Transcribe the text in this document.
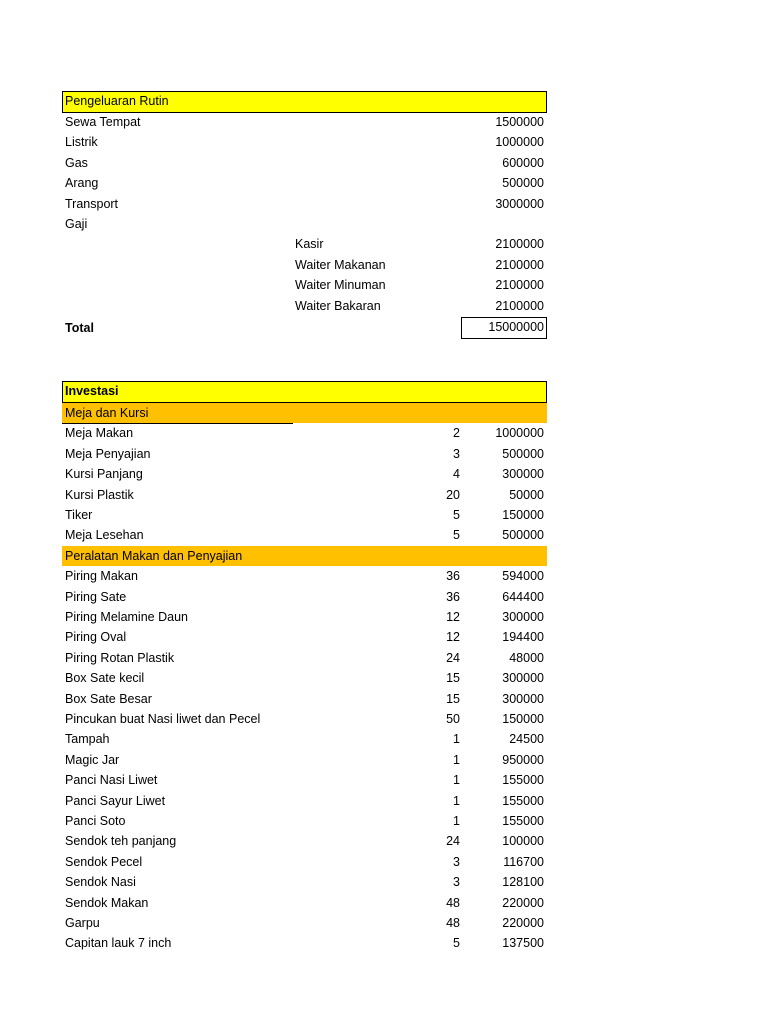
Pengeluaran Rutin
Sewa Tempat	1500000
Listrik	1000000
Gas	600000
Arang	500000
Transport	3000000
Gaji
Kasir	2100000
Waiter Makanan	2100000
Waiter Minuman	2100000
Waiter Bakaran	2100000
Total	15000000
Investasi
Meja dan Kursi
Meja Makan	2	1000000
Meja Penyajian	3	500000
Kursi Panjang	4	300000
Kursi Plastik	20	50000
Tiker	5	150000
Meja Lesehan	5	500000
Peralatan Makan dan Penyajian
Piring Makan	36	594000
Piring Sate	36	644400
Piring Melamine Daun	12	300000
Piring Oval	12	194400
Piring Rotan Plastik	24	48000
Box Sate kecil	15	300000
Box Sate Besar	15	300000
Pincukan buat Nasi liwet dan Pecel	50	150000
Tampah	1	24500
Magic Jar	1	950000
Panci Nasi Liwet	1	155000
Panci Sayur Liwet	1	155000
Panci Soto	1	155000
Sendok teh panjang	24	100000
Sendok Pecel	3	116700
Sendok Nasi	3	128100
Sendok Makan	48	220000
Garpu	48	220000
Capitan lauk 7 inch	5	137500
